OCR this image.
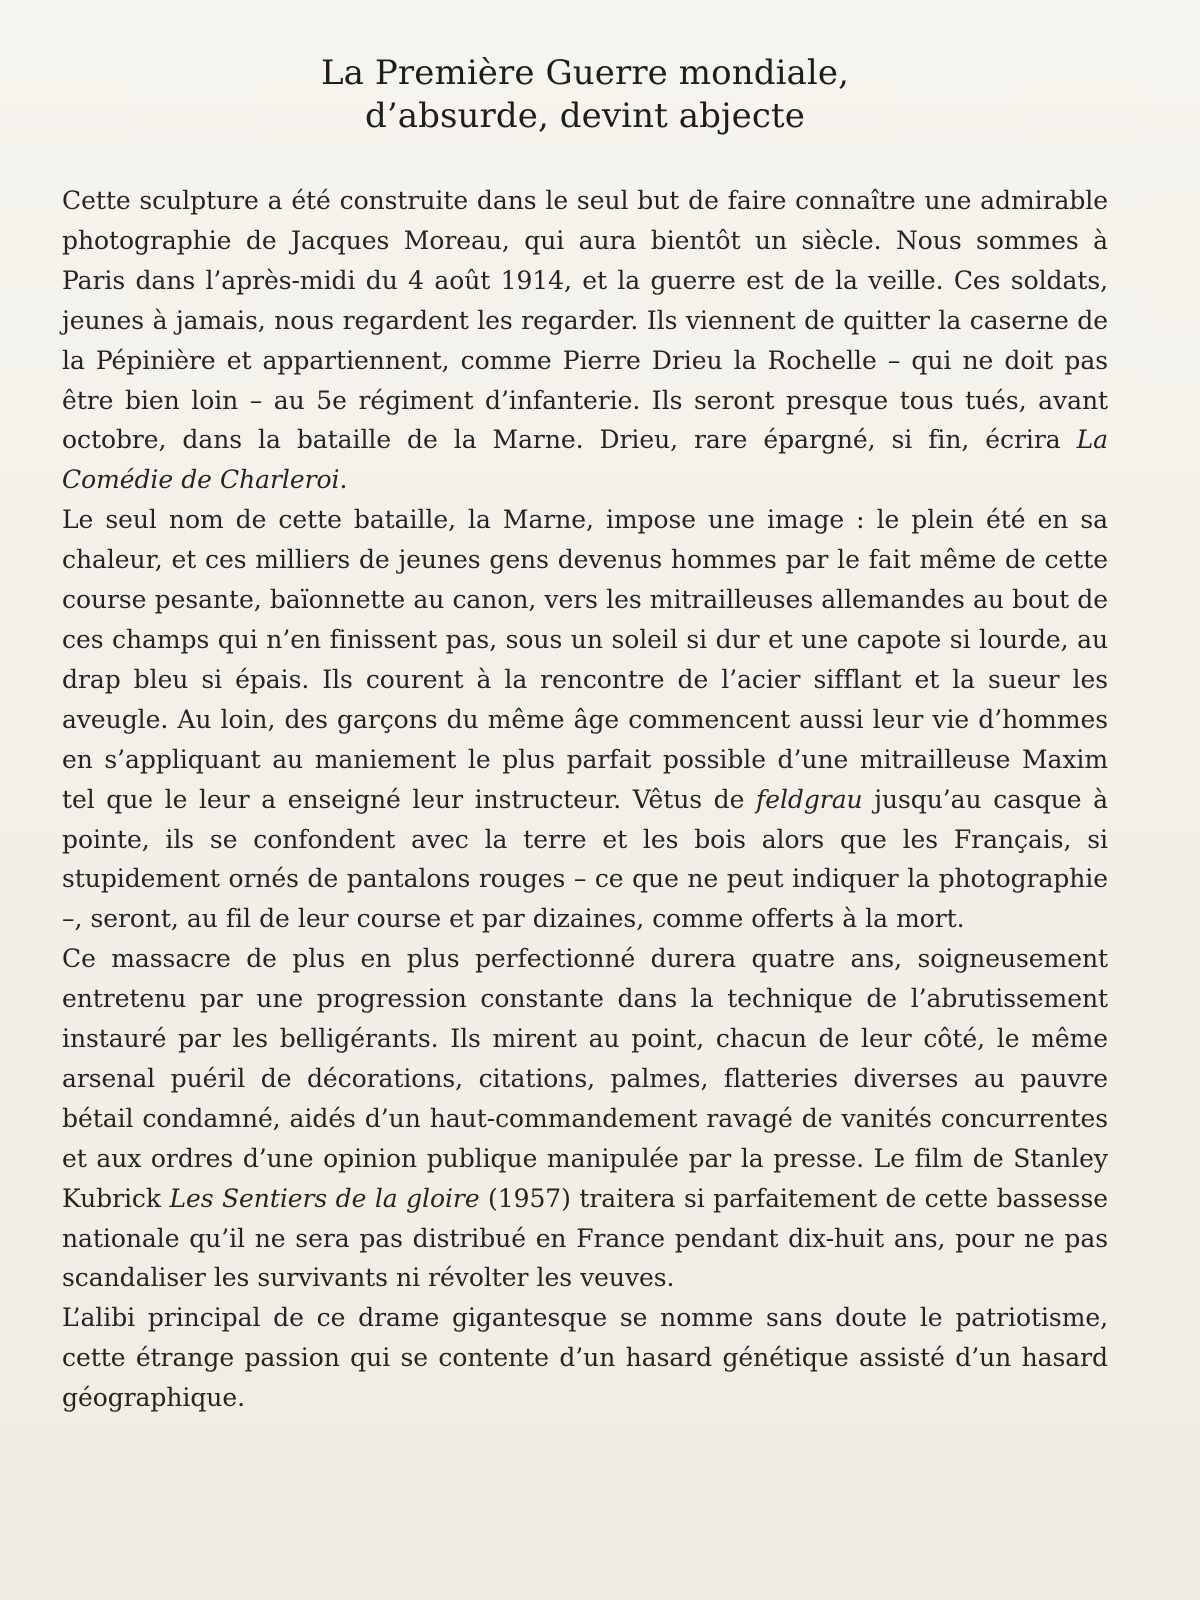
La Première Guerre mondiale,
d’absurde, devint abjecte

Cette sculpture a été construite dans le seul but de faire connaître une admirable photographie de Jacques Moreau, qui aura bientôt un siècle. Nous sommes à Paris dans l’après-midi du 4 août 1914, et la guerre est de la veille. Ces soldats, jeunes à jamais, nous regardent les regarder. Ils viennent de quitter la caserne de la Pépinière et appartiennent, comme Pierre Drieu la Rochelle – qui ne doit pas être bien loin – au 5e régiment d’infanterie. Ils seront presque tous tués, avant octobre, dans la bataille de la Marne. Drieu, rare épargné, si fin, écrira La Comédie de Charleroi.

Le seul nom de cette bataille, la Marne, impose une image : le plein été en sa chaleur, et ces milliers de jeunes gens devenus hommes par le fait même de cette course pesante, baïonnette au canon, vers les mitrailleuses allemandes au bout de ces champs qui n’en finissent pas, sous un soleil si dur et une capote si lourde, au drap bleu si épais. Ils courent à la rencontre de l’acier sifflant et la sueur les aveugle. Au loin, des garçons du même âge commencent aussi leur vie d’hommes en s’appliquant au maniement le plus parfait possible d’une mitrailleuse Maxim tel que le leur a enseigné leur instructeur. Vêtus de feldgrau jusqu’au casque à pointe, ils se confondent avec la terre et les bois alors que les Français, si stupidement ornés de pantalons rouges – ce que ne peut indiquer la photographie –, seront, au fil de leur course et par dizaines, comme offerts à la mort.

Ce massacre de plus en plus perfectionné durera quatre ans, soigneusement entretenu par une progression constante dans la technique de l’abrutissement instauré par les belligérants. Ils mirent au point, chacun de leur côté, le même arsenal puéril de décorations, citations, palmes, flatteries diverses au pauvre bétail condamné, aidés d’un haut-commandement ravagé de vanités concurrentes et aux ordres d’une opinion publique manipulée par la presse. Le film de Stanley Kubrick Les Sentiers de la gloire (1957) traitera si parfaitement de cette bassesse nationale qu’il ne sera pas distribué en France pendant dix-huit ans, pour ne pas scandaliser les survivants ni révolter les veuves.

L’alibi principal de ce drame gigantesque se nomme sans doute le patriotisme, cette étrange passion qui se contente d’un hasard génétique assisté d’un hasard géographique.
